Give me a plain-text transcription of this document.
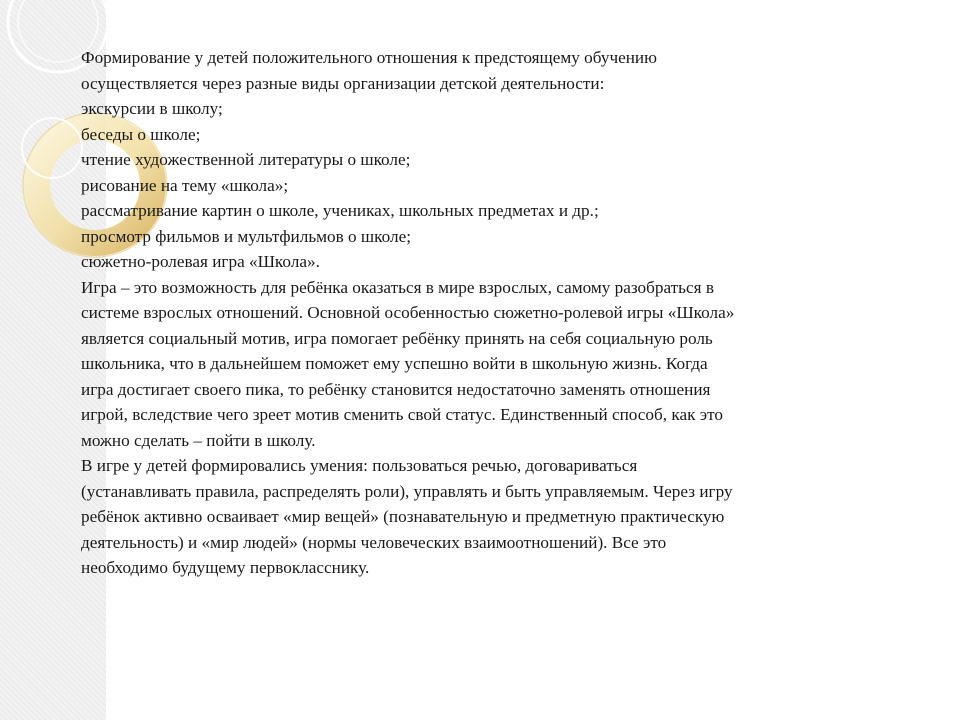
Формирование у детей положительного отношения к предстоящему обучению
осуществляется через разные виды организации детской деятельности:
экскурсии в школу;
беседы о школе;
чтение художественной литературы о школе;
рисование на тему «школа»;
рассматривание картин о школе, учениках, школьных предметах и др.;
просмотр фильмов и мультфильмов о школе;
сюжетно-ролевая игра «Школа».
Игра – это возможность для ребёнка оказаться в мире взрослых, самому разобраться в
системе взрослых отношений. Основной особенностью сюжетно-ролевой игры «Школа»
является социальный мотив, игра помогает ребёнку принять на себя социальную роль
школьника, что в дальнейшем поможет ему успешно войти в школьную жизнь. Когда
игра достигает своего пика, то ребёнку становится недостаточно заменять отношения
игрой, вследствие чего зреет мотив сменить свой статус. Единственный способ, как это
можно сделать – пойти в школу.
В игре у детей формировались умения: пользоваться речью, договариваться
(устанавливать правила, распределять роли), управлять и быть управляемым. Через игру
ребёнок активно осваивает «мир вещей» (познавательную и предметную практическую
деятельность) и «мир людей» (нормы человеческих взаимоотношений). Все это
необходимо будущему первокласснику.
